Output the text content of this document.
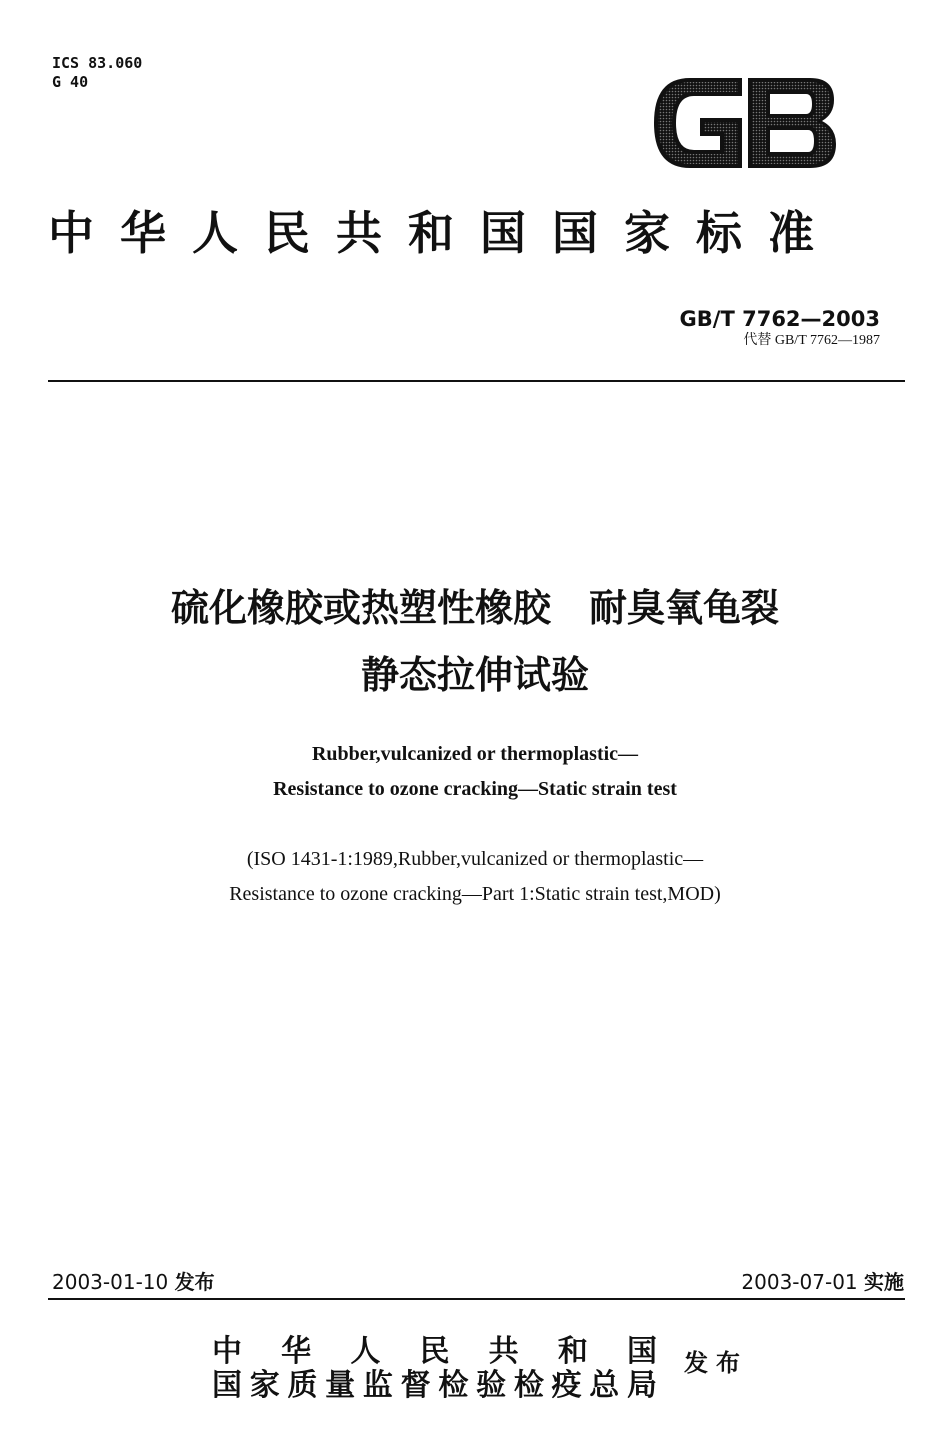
ICS 83.060
G 40
中华人民共和国国家标准
GB/T 7762—2003
代替 GB/T 7762—1987
硫化橡胶或热塑性橡胶　耐臭氧龟裂
静态拉伸试验
Rubber,vulcanized or thermoplastic—
Resistance to ozone cracking—Static strain test
(ISO 1431-1:1989,Rubber,vulcanized or thermoplastic—
Resistance to ozone cracking—Part 1:Static strain test,MOD)
2003-01-10 发布	2003-07-01 实施
中华人民共和国
国家质量监督检验检疫总局
发布
